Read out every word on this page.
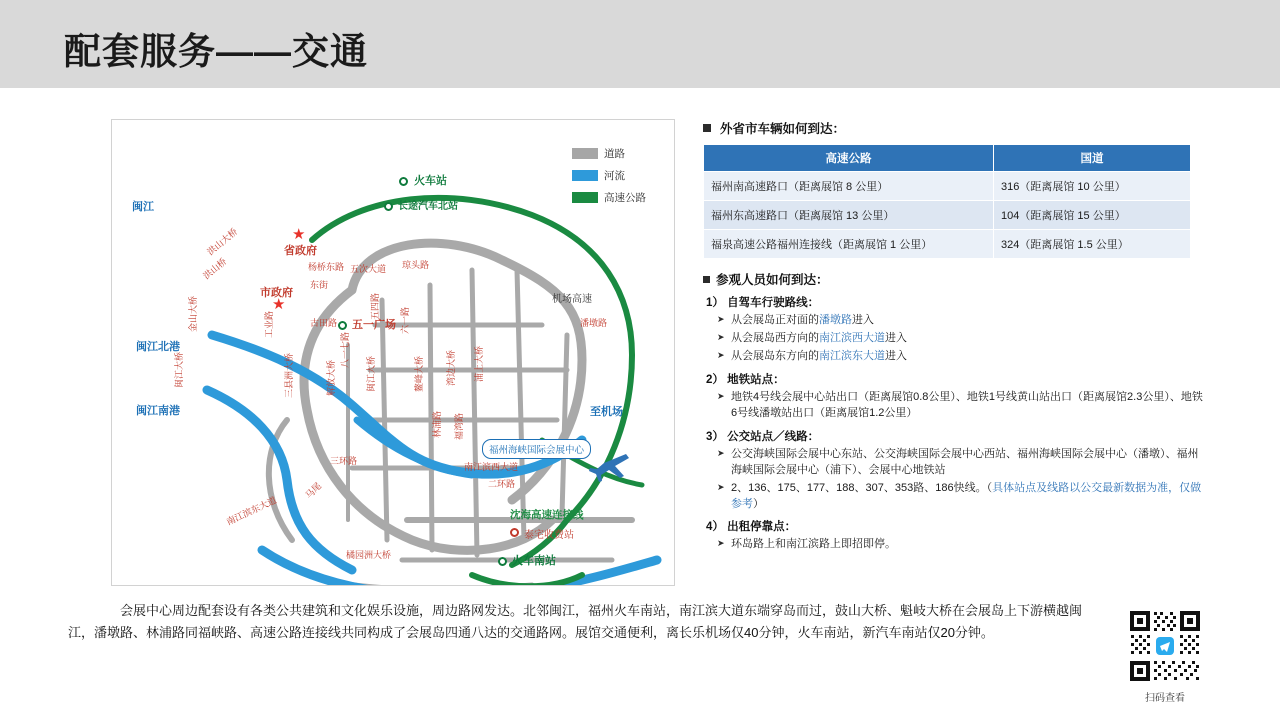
配套服务——交通
道路
河流
高速公路
火车站
长途汽车北站
★
省政府
市政府
★
五一广场
机场高速
至机场
福州海峡国际会展中心
沈海高速连接线
泰宅收费站
火车南站
闽江
闽江北港
闽江南港
洪山大桥
洪山桥	杨桥东路
东街
五次大道 琼头路
工业路
金山大桥
闽江大桥	三县洲大桥	解放大桥	闽江大桥	鳌峰大桥 湾边大桥 浦上大桥
南江滨东大道
南江滨西大道
二环路
三环路
橘园洲大桥
马尾
潘墩路
林浦路 福湾路
六一路
五四路
古田路
八一七路
外省市车辆如何到达：
高速公路	国道
福州南高速路口（距离展馆 8 公里）	316（距离展馆 10 公里）
福州东高速路口（距离展馆 13 公里）	104（距离展馆 15 公里）
福泉高速公路福州连接线（距离展馆 1 公里）	324（距离展馆 1.5 公里）
参观人员如何到达：
1） 自驾车行驶路线：
➤ 从会展岛正对面的潘墩路进入
➤ 从会展岛西方向的南江滨西大道进入
➤ 从会展岛东方向的南江滨东大道进入
2） 地铁站点：
➤ 地铁4号线会展中心站出口（距离展馆0.8公里）、地铁1号线黄山站出口（距离展馆2.3公里）、地铁6号线潘墩站出口（距离展馆1.2公里）
3） 公交站点／线路：
➤ 公交海峡国际会展中心东站、公交海峡国际会展中心西站、福州海峡国际会展中心（潘墩）、福州海峡国际会展中心（浦下）、会展中心地铁站
➤ 2、136、175、177、188、307、353路、186快线。（具体站点及线路以公交最新数据为准，仅做参考）
4） 出租停靠点：
➤ 环岛路上和南江滨路上即招即停。
　　　　会展中心周边配套设有各类公共建筑和文化娱乐设施，周边路网发达。北邻闽江，福州火车南站，南江滨大道东端穿岛而过，鼓山大桥、魁岐大桥在会展岛上下游横越闽江，潘墩路、林浦路同福峡路、高速公路连接线共同构成了会展岛四通八达的交通路网。展馆交通便利，离长乐机场仅40分钟，火车南站，新汽车南站仅20分钟。
扫码查看
